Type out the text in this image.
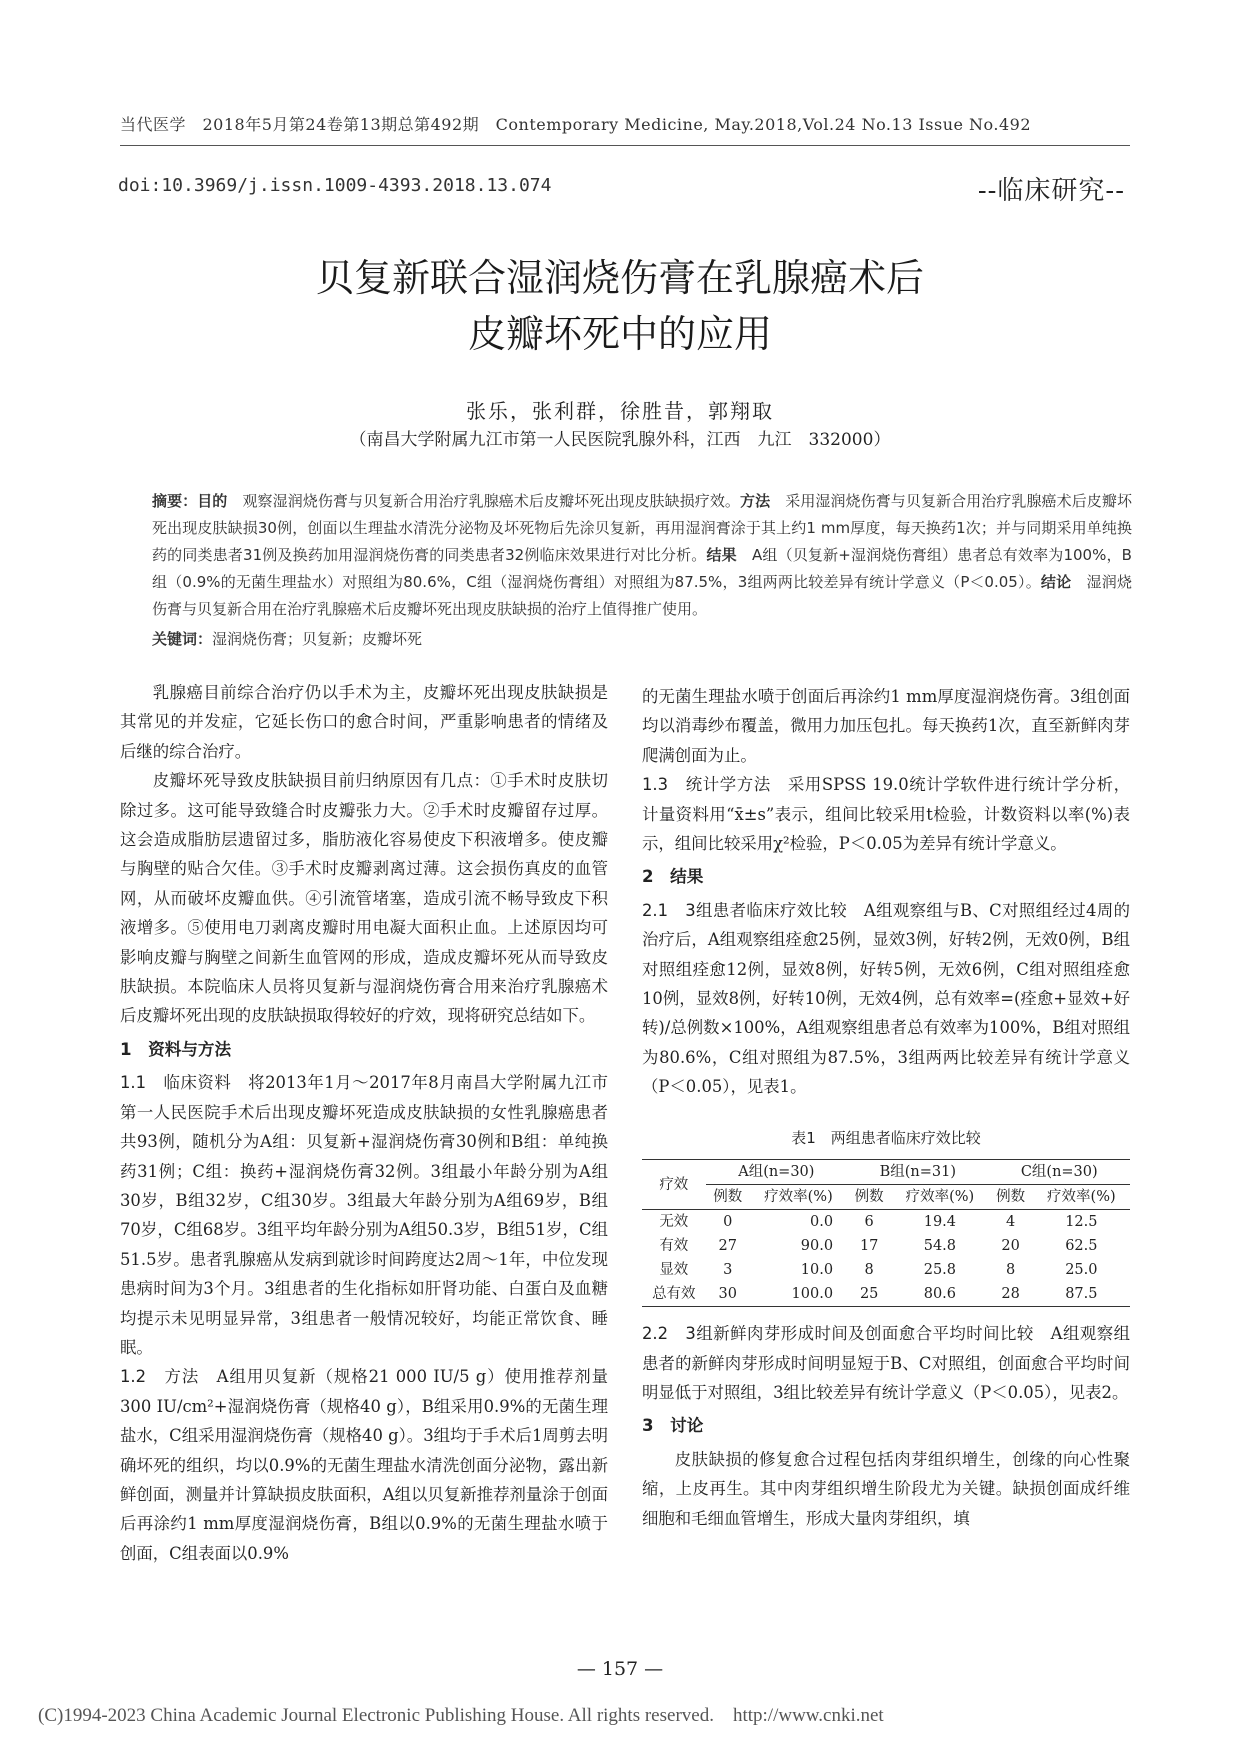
当代医学　2018年5月第24卷第13期总第492期　Contemporary Medicine, May.2018,Vol.24 No.13 Issue No.492
doi:10.3969/j.issn.1009-4393.2018.13.074	--临床研究--
贝复新联合湿润烧伤膏在乳腺癌术后
皮瓣坏死中的应用
张乐，张利群，徐胜昔，郭翔取
（南昌大学附属九江市第一人民医院乳腺外科，江西　九江　332000）
摘要：目的　观察湿润烧伤膏与贝复新合用治疗乳腺癌术后皮瓣坏死出现皮肤缺损疗效。方法　采用湿润烧伤膏与贝复新合用治疗乳腺癌术后皮瓣坏死出现皮肤缺损30例，创面以生理盐水清洗分泌物及坏死物后先涂贝复新，再用湿润膏涂于其上约1 mm厚度，每天换药1次；并与同期采用单纯换药的同类患者31例及换药加用湿润烧伤膏的同类患者32例临床效果进行对比分析。结果　A组（贝复新+湿润烧伤膏组）患者总有效率为100%，B组（0.9%的无菌生理盐水）对照组为80.6%，C组（湿润烧伤膏组）对照组为87.5%，3组两两比较差异有统计学意义（P＜0.05）。结论　湿润烧伤膏与贝复新合用在治疗乳腺癌术后皮瓣坏死出现皮肤缺损的治疗上值得推广使用。
关键词：湿润烧伤膏；贝复新；皮瓣坏死

乳腺癌目前综合治疗仍以手术为主，皮瓣坏死出现皮肤缺损是其常见的并发症，它延长伤口的愈合时间，严重影响患者的情绪及后继的综合治疗。

皮瓣坏死导致皮肤缺损目前归纳原因有几点：①手术时皮肤切除过多。这可能导致缝合时皮瓣张力大。②手术时皮瓣留存过厚。这会造成脂肪层遗留过多，脂肪液化容易使皮下积液增多。使皮瓣与胸壁的贴合欠佳。③手术时皮瓣剥离过薄。这会损伤真皮的血管网，从而破坏皮瓣血供。④引流管堵塞，造成引流不畅导致皮下积液增多。⑤使用电刀剥离皮瓣时用电凝大面积止血。上述原因均可影响皮瓣与胸壁之间新生血管网的形成，造成皮瓣坏死从而导致皮肤缺损。本院临床人员将贝复新与湿润烧伤膏合用来治疗乳腺癌术后皮瓣坏死出现的皮肤缺损取得较好的疗效，现将研究总结如下。

1　资料与方法

1.1　临床资料　将2013年1月～2017年8月南昌大学附属九江市第一人民医院手术后出现皮瓣坏死造成皮肤缺损的女性乳腺癌患者共93例，随机分为A组：贝复新+湿润烧伤膏30例和B组：单纯换药31例；C组：换药+湿润烧伤膏32例。3组最小年龄分别为A组30岁，B组32岁，C组30岁。3组最大年龄分别为A组69岁，B组70岁，C组68岁。3组平均年龄分别为A组50.3岁，B组51岁，C组51.5岁。患者乳腺癌从发病到就诊时间跨度达2周～1年，中位发现患病时间为3个月。3组患者的生化指标如肝肾功能、白蛋白及血糖均提示未见明显异常，3组患者一般情况较好，均能正常饮食、睡眠。

1.2　方法　A组用贝复新（规格21 000 IU/5 g）使用推荐剂量300 IU/cm²+湿润烧伤膏（规格40 g），B组采用0.9%的无菌生理盐水，C组采用湿润烧伤膏（规格40 g）。3组均于手术后1周剪去明确坏死的组织，均以0.9%的无菌生理盐水清洗创面分泌物，露出新鲜创面，测量并计算缺损皮肤面积，A组以贝复新推荐剂量涂于创面后再涂约1 mm厚度湿润烧伤膏，B组以0.9%的无菌生理盐水喷于创面，C组表面以0.9%

的无菌生理盐水喷于创面后再涂约1 mm厚度湿润烧伤膏。3组创面均以消毒纱布覆盖，微用力加压包扎。每天换药1次，直至新鲜肉芽爬满创面为止。

1.3　统计学方法　采用SPSS 19.0统计学软件进行统计学分析，计量资料用“x̄±s”表示，组间比较采用t检验，计数资料以率(%)表示，组间比较采用χ²检验，P＜0.05为差异有统计学意义。

2　结果

2.1　3组患者临床疗效比较　A组观察组与B、C对照组经过4周的治疗后，A组观察组痊愈25例，显效3例，好转2例，无效0例，B组对照组痊愈12例，显效8例，好转5例，无效6例，C组对照组痊愈10例，显效8例，好转10例，无效4例，总有效率=(痊愈+显效+好转)/总例数×100%，A组观察组患者总有效率为100%，B组对照组为80.6%，C组对照组为87.5%，3组两两比较差异有统计学意义（P＜0.05），见表1。

表1　两组患者临床疗效比较
疗效	A组(n=30)		B组(n=31)		C组(n=30)	
	例数	疗效率(%)	例数	疗效率(%)	例数	疗效率(%)
无效	0	0.0	6	19.4	4	12.5
有效	27	90.0	17	54.8	20	62.5
显效	3	10.0	8	25.8	8	25.0
总有效	30	100.0	25	80.6	28	87.5

2.2　3组新鲜肉芽形成时间及创面愈合平均时间比较　A组观察组患者的新鲜肉芽形成时间明显短于B、C对照组，创面愈合平均时间明显低于对照组，3组比较差异有统计学意义（P＜0.05），见表2。

3　讨论

皮肤缺损的修复愈合过程包括肉芽组织增生，创缘的向心性聚缩，上皮再生。其中肉芽组织增生阶段尤为关键。缺损创面成纤维细胞和毛细血管增生，形成大量肉芽组织，填

— 157 —
(C)1994-2023 China Academic Journal Electronic Publishing House. All rights reserved.　http://www.cnki.net
